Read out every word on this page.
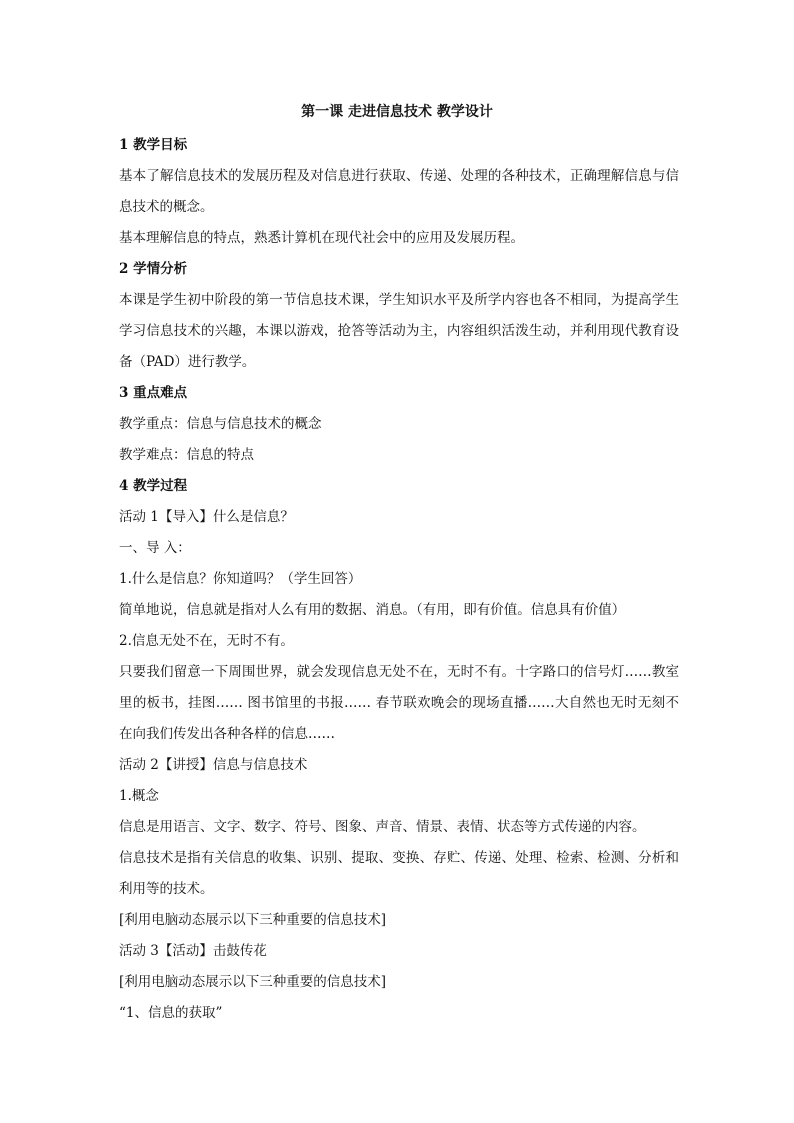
第一课 走进信息技术 教学设计

1 教学目标

基本了解信息技术的发展历程及对信息进行获取、传递、处理的各种技术，正确理解信息与信息技术的概念。

基本理解信息的特点，熟悉计算机在现代社会中的应用及发展历程。

2 学情分析

本课是学生初中阶段的第一节信息技术课，学生知识水平及所学内容也各不相同，为提高学生学习信息技术的兴趣，本课以游戏，抢答等活动为主，内容组织活泼生动，并利用现代教育设备（PAD）进行教学。

3 重点难点

教学重点：信息与信息技术的概念

教学难点：信息的特点

4 教学过程

活动 1【导入】什么是信息？

一、导 入：

1.什么是信息？你知道吗？（学生回答）

简单地说，信息就是指对人么有用的数据、消息。（有用，即有价值。信息具有价值）

2.信息无处不在，无时不有。

只要我们留意一下周围世界，就会发现信息无处不在，无时不有。十字路口的信号灯……教室里的板书，挂图…… 图书馆里的书报…… 春节联欢晚会的现场直播……大自然也无时无刻不在向我们传发出各种各样的信息……

活动 2【讲授】信息与信息技术

1.概念

信息是用语言、文字、数字、符号、图象、声音、情景、表情、状态等方式传递的内容。

信息技术是指有关信息的收集、识别、提取、变换、存贮、传递、处理、检索、检测、分析和利用等的技术。

[利用电脑动态展示以下三种重要的信息技术]

活动 3【活动】击鼓传花

[利用电脑动态展示以下三种重要的信息技术]

“1、信息的获取”
